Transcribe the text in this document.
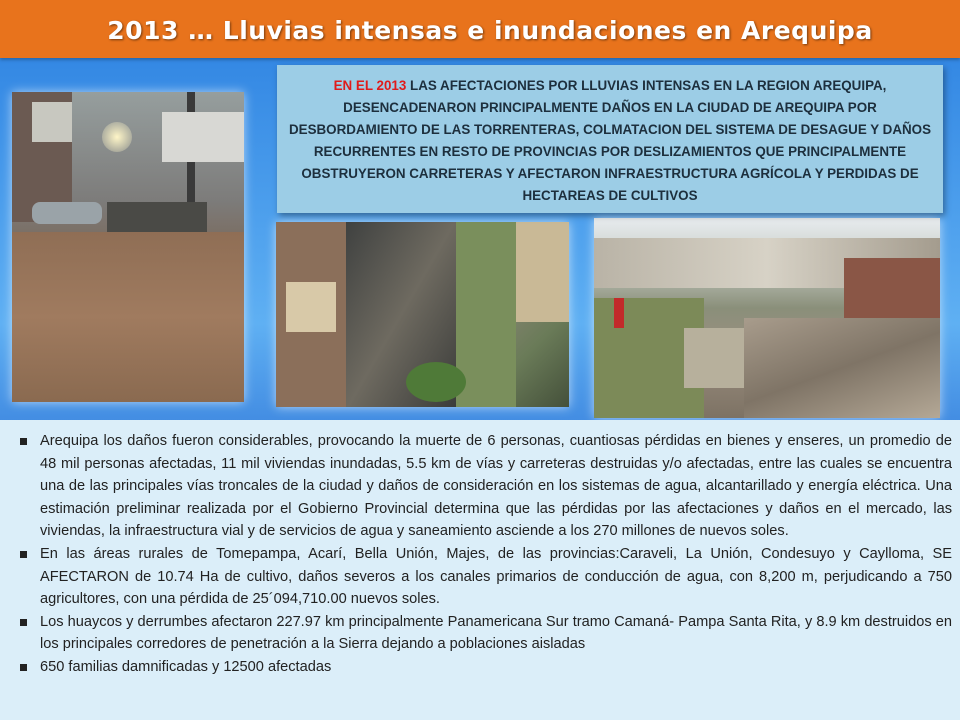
2013 … Lluvias intensas e inundaciones en Arequipa
EN EL 2013 LAS AFECTACIONES POR LLUVIAS INTENSAS EN LA REGION AREQUIPA, DESENCADENARON PRINCIPALMENTE DAÑOS EN LA CIUDAD DE AREQUIPA POR DESBORDAMIENTO DE LAS TORRENTERAS, COLMATACION DEL SISTEMA DE DESAGUE Y DAÑOS RECURRENTES EN RESTO DE PROVINCIAS POR DESLIZAMIENTOS QUE PRINCIPALMENTE OBSTRUYERON CARRETERAS Y AFECTARON INFRAESTRUCTURA AGRÍCOLA Y PERDIDAS DE HECTAREAS DE CULTIVOS
Arequipa los daños fueron considerables, provocando la muerte de 6 personas, cuantiosas pérdidas en bienes y enseres, un promedio de 48 mil personas afectadas, 11 mil viviendas inundadas, 5.5 km de vías y carreteras destruidas y/o afectadas, entre las cuales se encuentra una de las principales vías troncales de la ciudad y daños de consideración en los sistemas de agua, alcantarillado y energía eléctrica. Una estimación preliminar realizada por el Gobierno Provincial determina que las pérdidas por las afectaciones y daños en el mercado, las viviendas, la infraestructura vial y de servicios de agua y saneamiento asciende a los 270 millones de nuevos soles.
En las áreas rurales de Tomepampa, Acarí, Bella Unión, Majes, de las provincias:Caraveli, La Unión, Condesuyo y Caylloma, SE AFECTARON de 10.74 Ha de cultivo, daños severos a los canales primarios de conducción de agua, con 8,200 m, perjudicando a 750 agricultores, con una pérdida de 25´094,710.00 nuevos soles.
Los huaycos y derrumbes afectaron 227.97 km principalmente Panamericana Sur tramo Camaná- Pampa Santa Rita, y 8.9 km destruidos en los principales corredores de penetración a la Sierra dejando a poblaciones aisladas
650 familias damnificadas y 12500 afectadas
